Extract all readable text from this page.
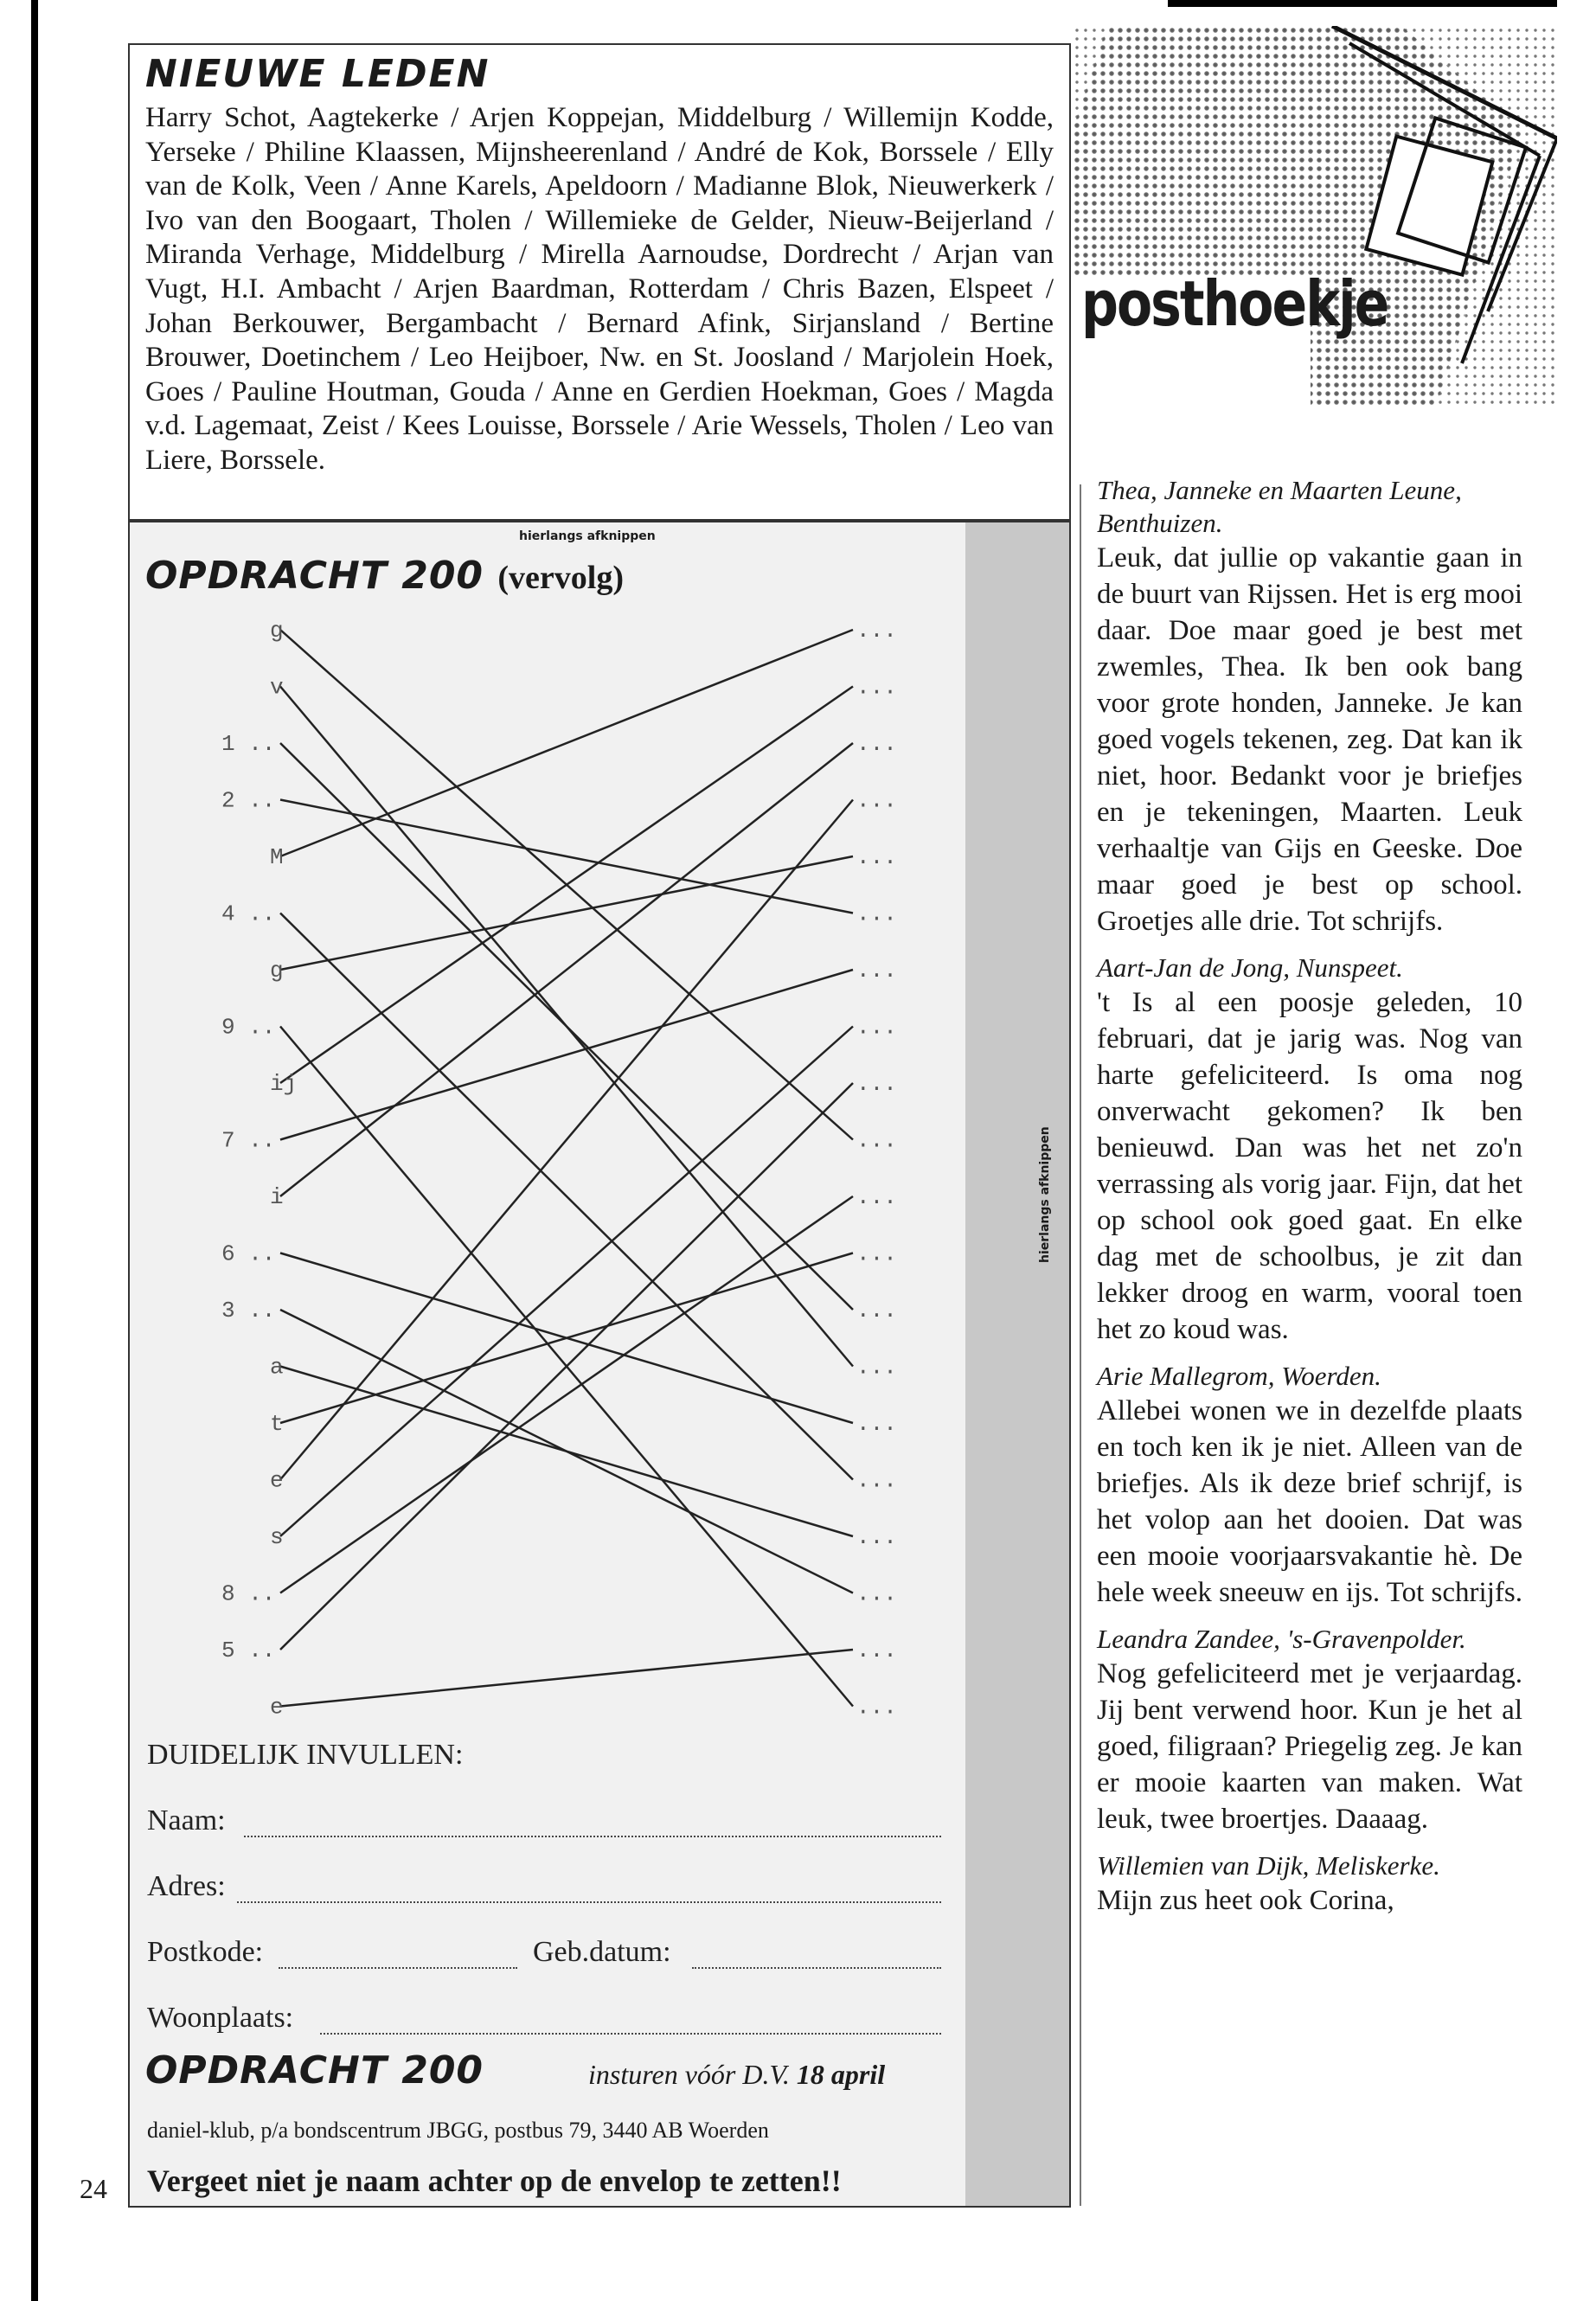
24
NIEUWE LEDEN

Harry Schot, Aagtekerke / Arjen Koppejan, Middelburg / Willemijn Kodde, Yerseke / Philine Klaassen, Mijnsheerenland / André de Kok, Borssele / Elly van de Kolk, Veen / Anne Karels, Apeldoorn / Madianne Blok, Nieuwerkerk / Ivo van den Boogaart, Tholen / Willemieke de Gelder, Nieuw-Beijerland / Miranda Verhage, Middelburg / Mirella Aarnoudse, Dordrecht / Arjan van Vugt, H.I. Ambacht / Arjen Baardman, Rotterdam / Chris Bazen, Elspeet / Johan Berkouwer, Bergambacht / Bernard Afink, Sirjansland / Bertine Brouwer, Doetinchem / Leo Heijboer, Nw. en St. Joosland / Marjolein Hoek, Goes / Pauline Houtman, Gouda / Anne en Gerdien Hoekman, Goes / Magda v.d. Lagemaat, Zeist / Kees Louisse, Borssele / Arie Wessels, Tholen / Leo van Liere, Borssele.

hierlangs afknippen
hierlangs afknippen
OPDRACHT 200 (vervolg)
g
v
1 ..
2 ..
M
4 ..
g
9 ..
ij
7 ..
i
6 ..
3 ..
a
t
e
s
8 ..
5 ..
e
...
...
...
...
...
...
...
...
...
...
...
...
...
...
...
...
...
...
...
...
DUIDELIJK INVULLEN:
Naam:
Adres:
Postkode:	Geb.datum:
Woonplaats:
OPDRACHT 200	insturen vóór D.V. 18 april
daniel-klub, p/a bondscentrum JBGG, postbus 79, 3440 AB Woerden
Vergeet niet je naam achter op de envelop te zetten!!
posthoekje

Thea, Janneke en Maarten Leune, Benthuizen.

Leuk, dat jullie op vakantie gaan in de buurt van Rijssen. Het is erg mooi daar. Doe maar goed je best met zwemles, Thea. Ik ben ook bang voor grote honden, Janneke. Je kan goed vogels tekenen, zeg. Dat kan ik niet, hoor. Bedankt voor je briefjes en je tekeningen, Maarten. Leuk verhaaltje van Gijs en Geeske. Doe maar goed je best op school. Groetjes alle drie. Tot schrijfs.

Aart-Jan de Jong, Nunspeet.

't Is al een poosje geleden, 10 februari, dat je jarig was. Nog van harte gefeliciteerd. Is oma nog onverwacht gekomen? Ik ben benieuwd. Dan was het net zo'n verrassing als vorig jaar. Fijn, dat het op school ook goed gaat. En elke dag met de schoolbus, je zit dan lekker droog en warm, vooral toen het zo koud was.

Arie Mallegrom, Woerden.

Allebei wonen we in dezelfde plaats en toch ken ik je niet. Alleen van de briefjes. Als ik deze brief schrijf, is het volop aan het dooien. Dat was een mooie voorjaarsvakantie hè. De hele week sneeuw en ijs. Tot schrijfs.

Leandra Zandee, 's-Gravenpolder.

Nog gefeliciteerd met je verjaardag. Jij bent verwend hoor. Kun je het al goed, filigraan? Priegelig zeg. Je kan er mooie kaarten van maken. Wat leuk, twee broertjes. Daaaag.

Willemien van Dijk, Meliskerke.

Mijn zus heet ook Corina,
